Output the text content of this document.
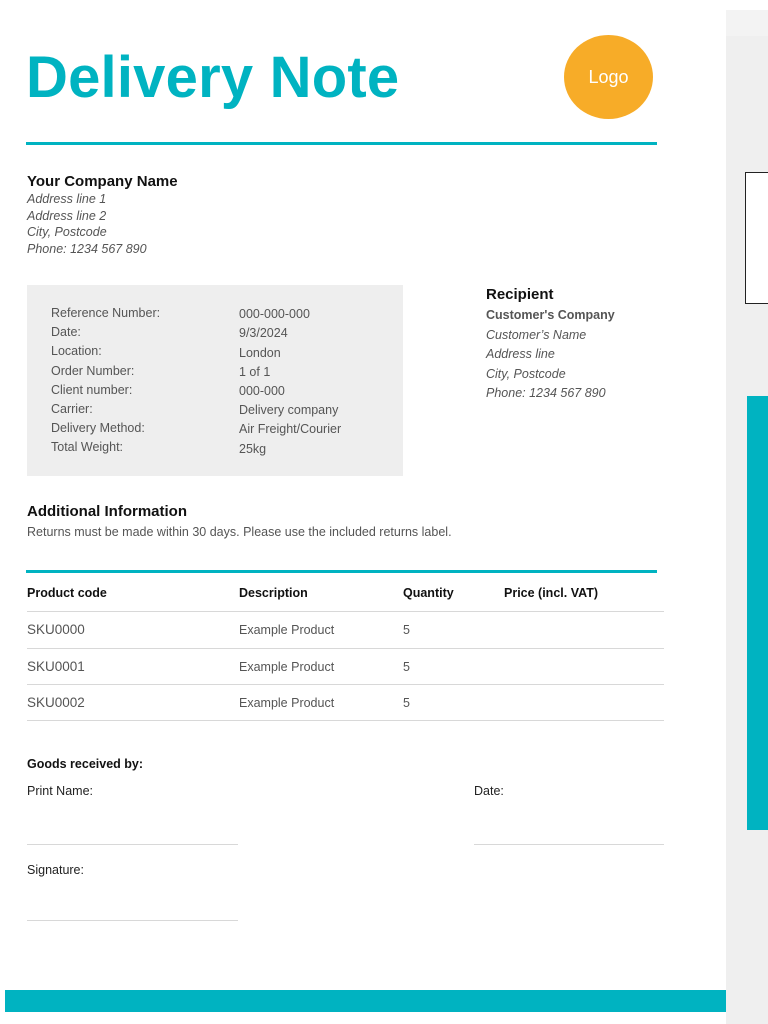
Delivery Note	Logo
Your Company Name
Address line 1
Address line 2
City, Postcode
Phone: 1234 567 890
Reference Number:	000-000-000
Date:	9/3/2024
Location:	London
Order Number:	1 of 1
Client number:	000-000
Carrier:	Delivery company
Delivery Method:	Air Freight/Courier
Total Weight:	25kg
Recipient
Customer's Company
Customer’s Name
Address line
City, Postcode
Phone: 1234 567 890
Additional Information
Returns must be made within 30 days. Please use the included returns label.
Product code	Description	Quantity	Price (incl. VAT)
SKU0000	Example Product	5
SKU0001	Example Product	5
SKU0002	Example Product	5
Goods received by:
Print Name:	Date:
Signature:
